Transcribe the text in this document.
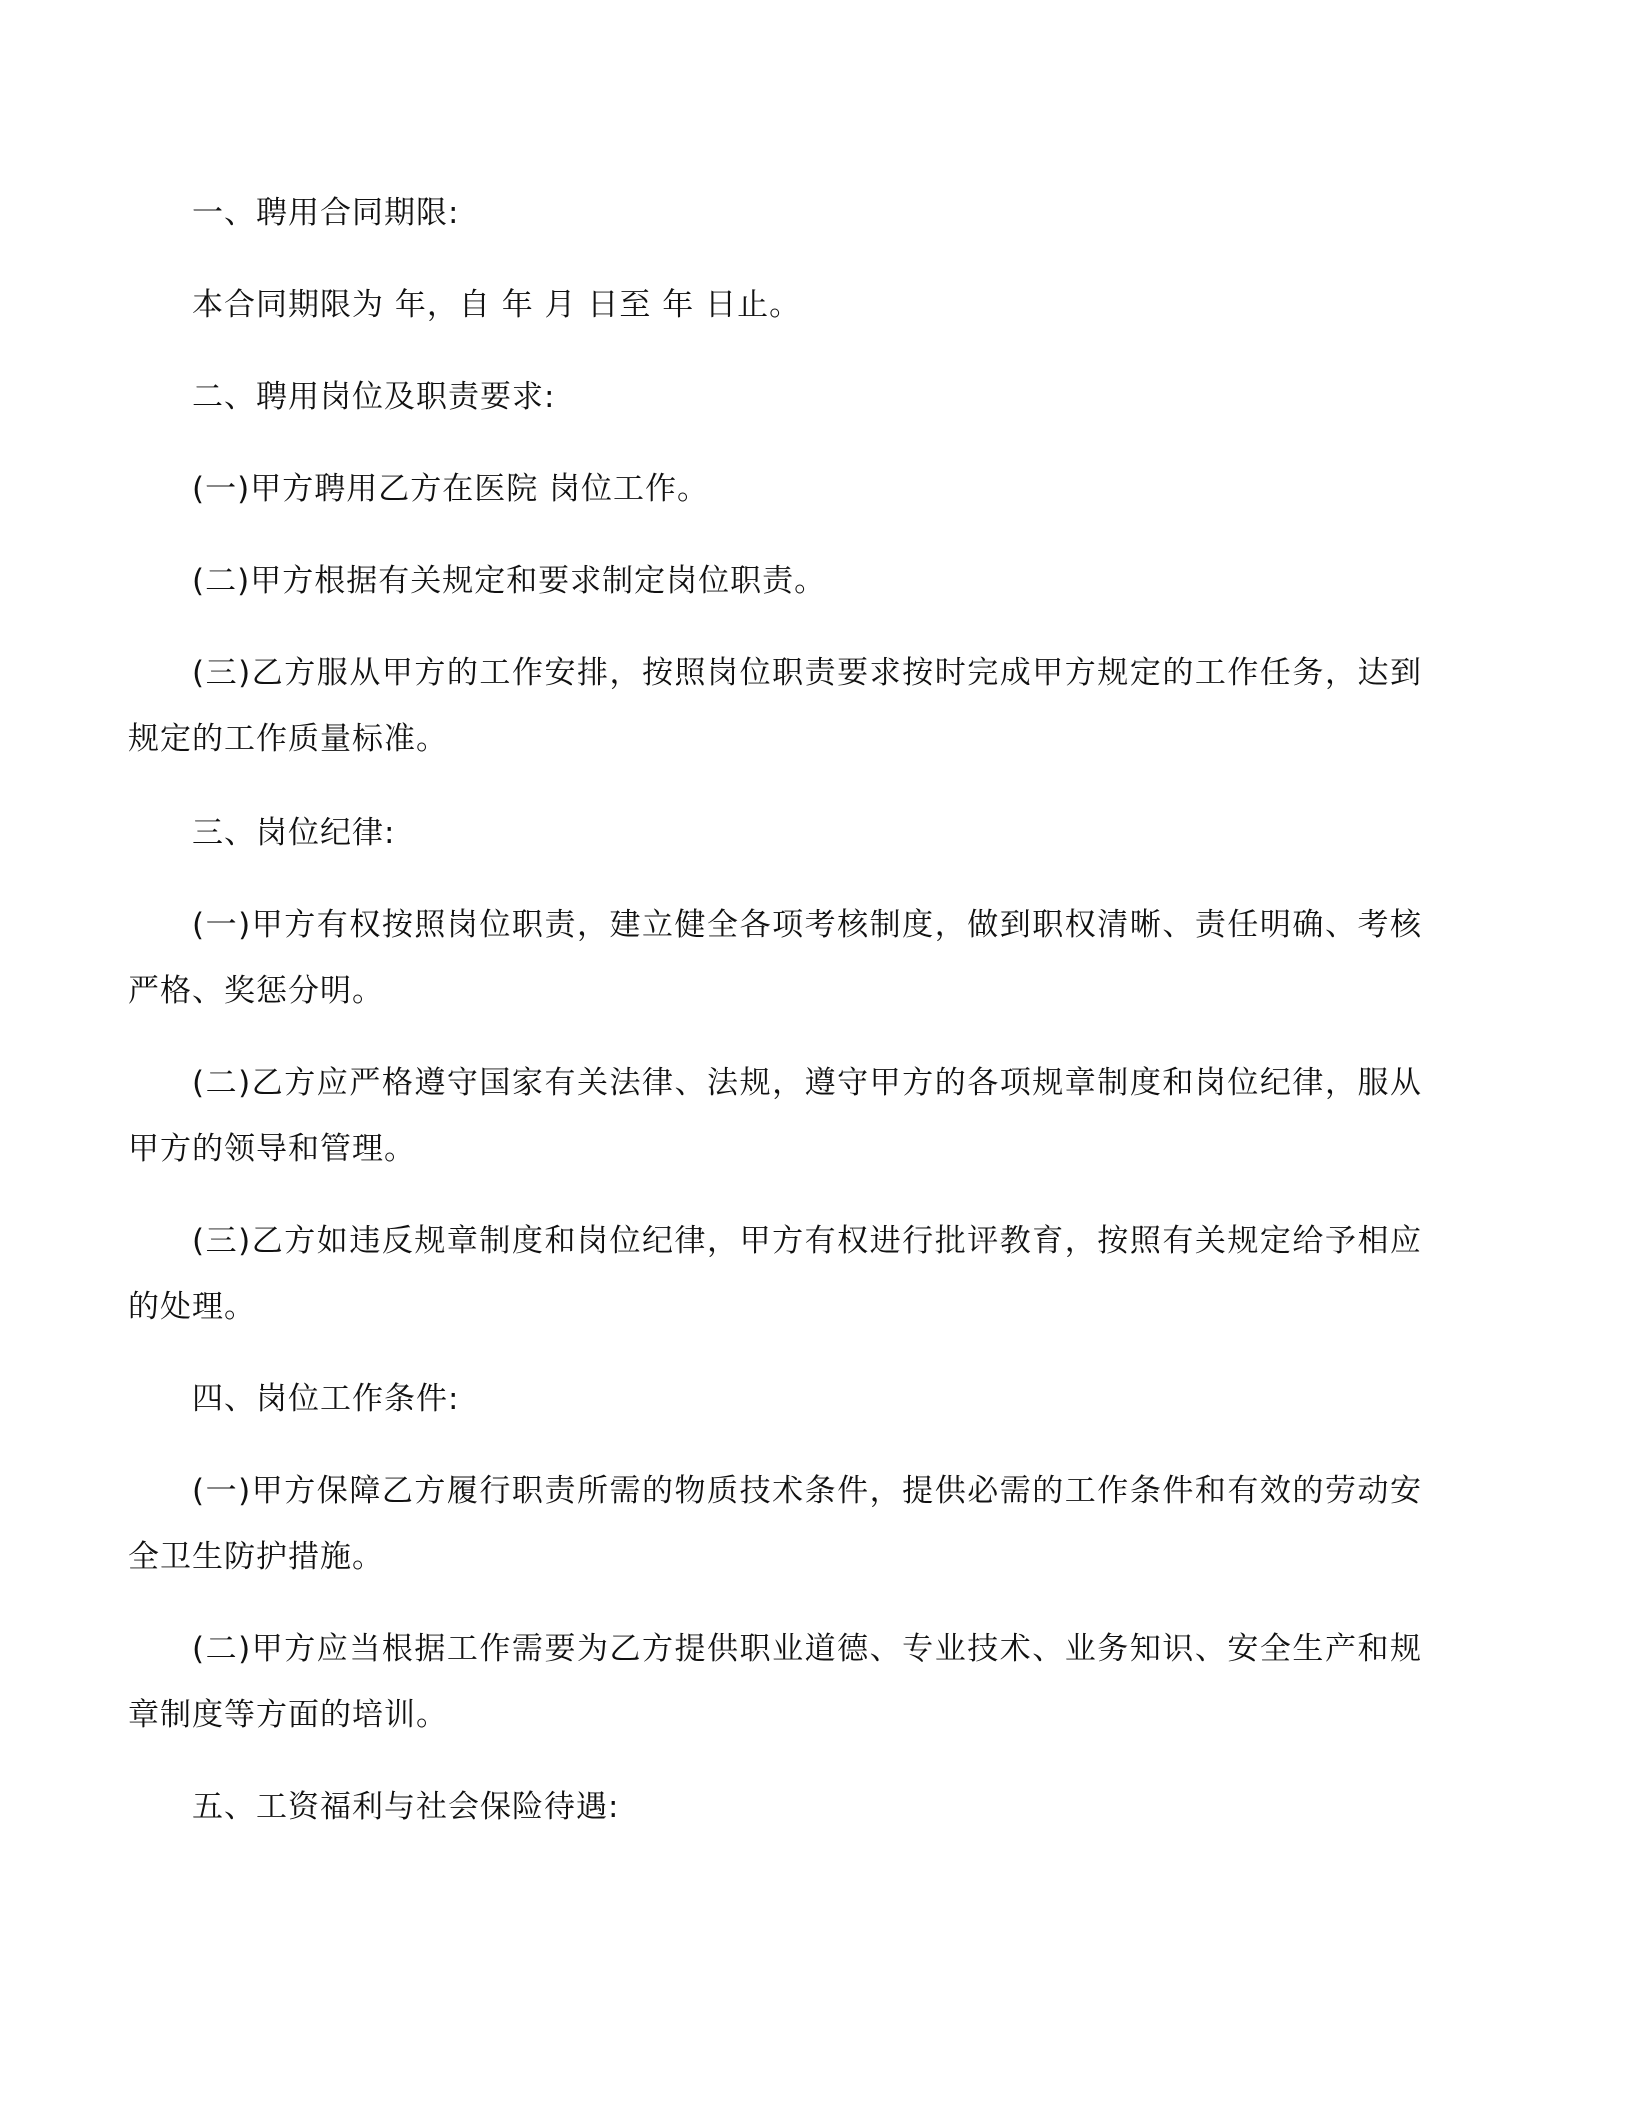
一、聘用合同期限:

本合同期限为 年，自 年 月 日至 年 日止。

二、聘用岗位及职责要求:

(一)甲方聘用乙方在医院 岗位工作。

(二)甲方根据有关规定和要求制定岗位职责。

(三)乙方服从甲方的工作安排，按照岗位职责要求按时完成甲方规定的工作任务，达到规定的工作质量标准。

三、岗位纪律:

(一)甲方有权按照岗位职责，建立健全各项考核制度，做到职权清晰、责任明确、考核严格、奖惩分明。

(二)乙方应严格遵守国家有关法律、法规，遵守甲方的各项规章制度和岗位纪律，服从甲方的领导和管理。

(三)乙方如违反规章制度和岗位纪律，甲方有权进行批评教育，按照有关规定给予相应的处理。

四、岗位工作条件:

(一)甲方保障乙方履行职责所需的物质技术条件，提供必需的工作条件和有效的劳动安全卫生防护措施。

(二)甲方应当根据工作需要为乙方提供职业道德、专业技术、业务知识、安全生产和规章制度等方面的培训。

五、工资福利与社会保险待遇:
